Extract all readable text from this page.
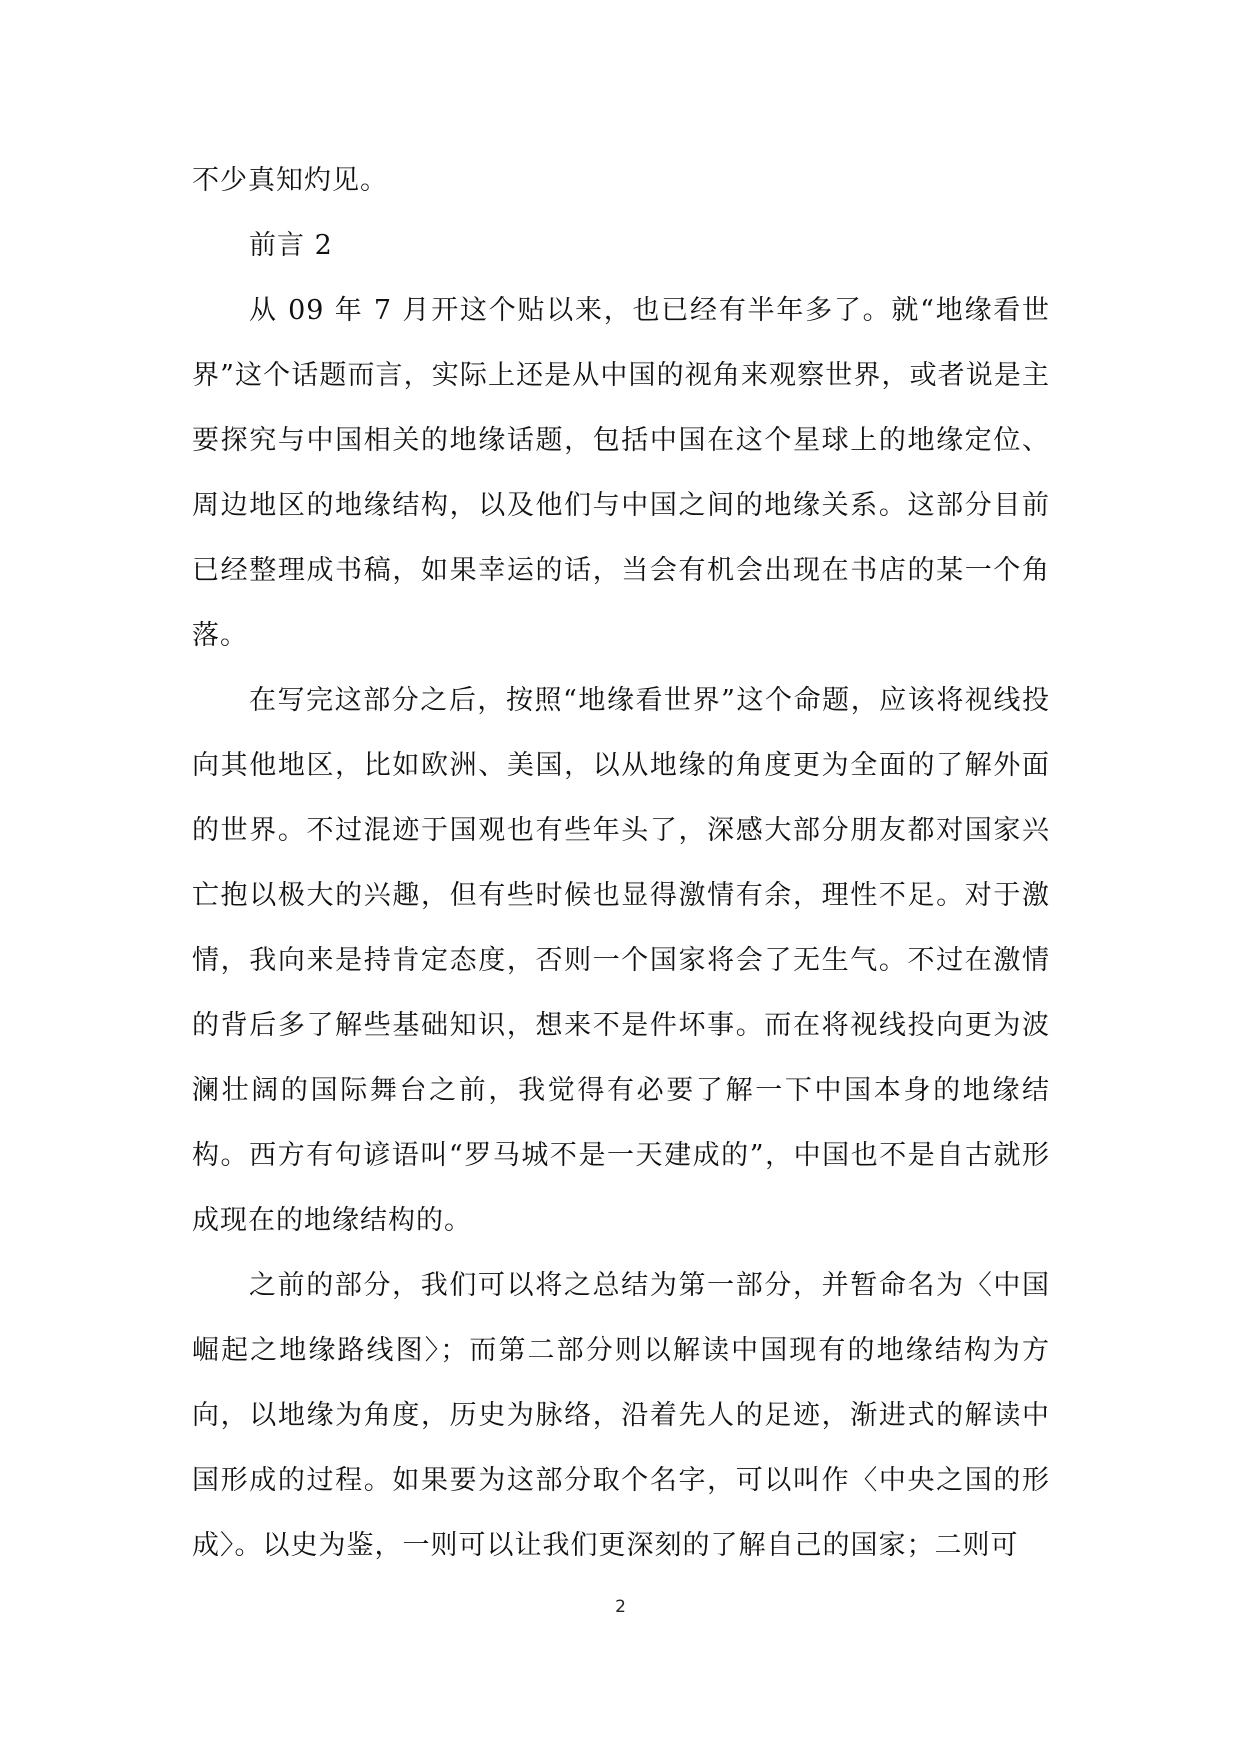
不少真知灼见。

前言 2

从 09 年 7 月开这个贴以来，也已经有半年多了。就“地缘看世界”这个话题而言，实际上还是从中国的视角来观察世界，或者说是主要探究与中国相关的地缘话题，包括中国在这个星球上的地缘定位、周边地区的地缘结构，以及他们与中国之间的地缘关系。这部分目前已经整理成书稿，如果幸运的话，当会有机会出现在书店的某一个角落。

在写完这部分之后，按照“地缘看世界”这个命题，应该将视线投向其他地区，比如欧洲、美国，以从地缘的角度更为全面的了解外面的世界。不过混迹于国观也有些年头了，深感大部分朋友都对国家兴亡抱以极大的兴趣，但有些时候也显得激情有余，理性不足。对于激情，我向来是持肯定态度，否则一个国家将会了无生气。不过在激情的背后多了解些基础知识，想来不是件坏事。而在将视线投向更为波澜壮阔的国际舞台之前，我觉得有必要了解一下中国本身的地缘结构。西方有句谚语叫“罗马城不是一天建成的”，中国也不是自古就形成现在的地缘结构的。

之前的部分，我们可以将之总结为第一部分，并暂命名为〈中国崛起之地缘路线图〉；而第二部分则以解读中国现有的地缘结构为方向，以地缘为角度，历史为脉络，沿着先人的足迹，渐进式的解读中国形成的过程。如果要为这部分取个名字，可以叫作〈中央之国的形成〉。以史为鉴，一则可以让我们更深刻的了解自己的国家；二则可

2
